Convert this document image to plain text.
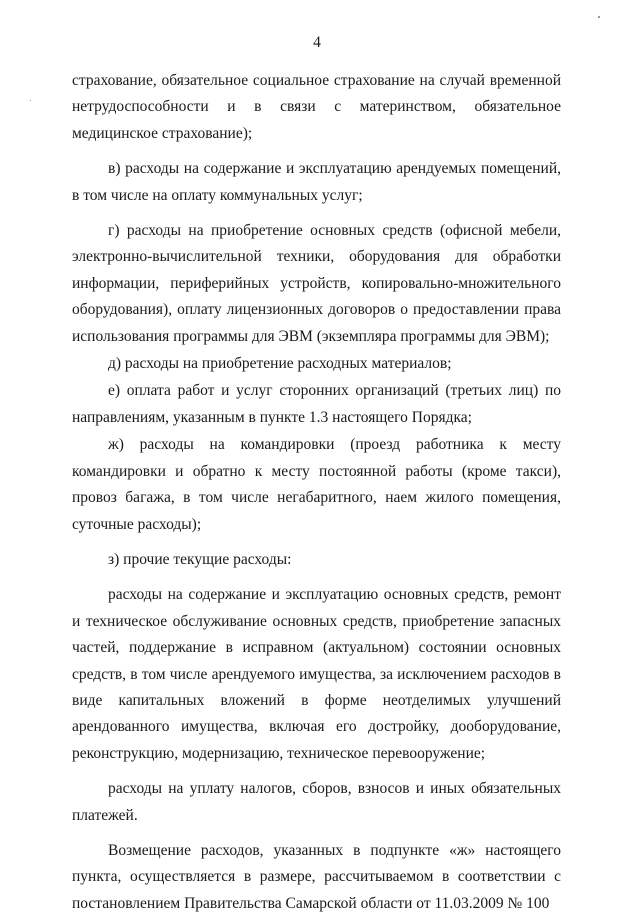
4

страхование, обязательное социальное страхование на случай временной нетрудоспособности и в связи с материнством, обязательное медицинское страхование);

в) расходы на содержание и эксплуатацию арендуемых помещений, в том числе на оплату коммунальных услуг;

г) расходы на приобретение основных средств (офисной мебели, электронно-вычислительной техники, оборудования для обработки информации, периферийных устройств, копировально-множительного оборудования), оплату лицензионных договоров о предоставлении права использования программы для ЭВМ (экземпляра программы для ЭВМ);

д) расходы на приобретение расходных материалов;

е) оплата работ и услуг сторонних организаций (третьих лиц) по направлениям, указанным в пункте 1.3 настоящего Порядка;

ж) расходы на командировки (проезд работника к месту командировки и обратно к месту постоянной работы (кроме такси), провоз багажа, в том числе негабаритного, наем жилого помещения, суточные расходы);

з) прочие текущие расходы:

расходы на содержание и эксплуатацию основных средств, ремонт и техническое обслуживание основных средств, приобретение запасных частей, поддержание в исправном (актуальном) состоянии основных средств, в том числе арендуемого имущества, за исключением расходов в виде капитальных вложений в форме неотделимых улучшений арендованного имущества, включая его достройку, дооборудование, реконструкцию, модернизацию, техническое перевооружение;

расходы на уплату налогов, сборов, взносов и иных обязательных платежей.

Возмещение расходов, указанных в подпункте «ж» настоящего пункта, осуществляется в размере, рассчитываемом в соответствии с постановлением Правительства Самарской области от 11.03.2009 № 100
